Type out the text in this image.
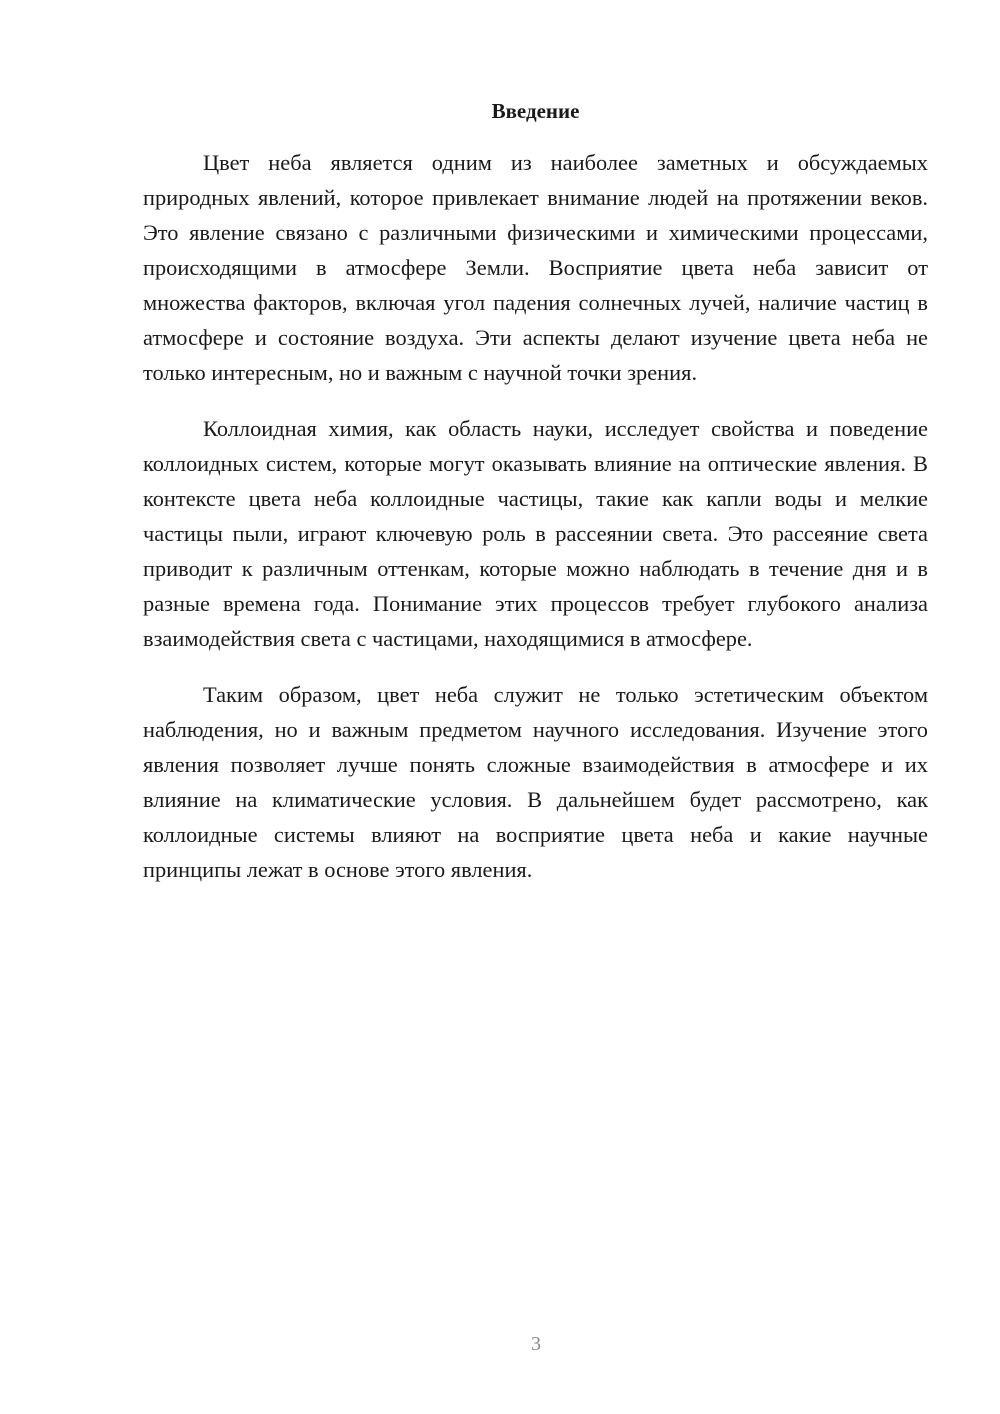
Введение

Цвет неба является одним из наиболее заметных и обсуждаемых природных явлений, которое привлекает внимание людей на протяжении веков. Это явление связано с различными физическими и химическими процессами, происходящими в атмосфере Земли. Восприятие цвета неба зависит от множества факторов, включая угол падения солнечных лучей, наличие частиц в атмосфере и состояние воздуха. Эти аспекты делают изучение цвета неба не только интересным, но и важным с научной точки зрения.

Коллоидная химия, как область науки, исследует свойства и поведение коллоидных систем, которые могут оказывать влияние на оптические явления. В контексте цвета неба коллоидные частицы, такие как капли воды и мелкие частицы пыли, играют ключевую роль в рассеянии света. Это рассеяние света приводит к различным оттенкам, которые можно наблюдать в течение дня и в разные времена года. Понимание этих процессов требует глубокого анализа взаимодействия света с частицами, находящимися в атмосфере.

Таким образом, цвет неба служит не только эстетическим объектом наблюдения, но и важным предметом научного исследования. Изучение этого явления позволяет лучше понять сложные взаимодействия в атмосфере и их влияние на климатические условия. В дальнейшем будет рассмотрено, как коллоидные системы влияют на восприятие цвета неба и какие научные принципы лежат в основе этого явления.

3
